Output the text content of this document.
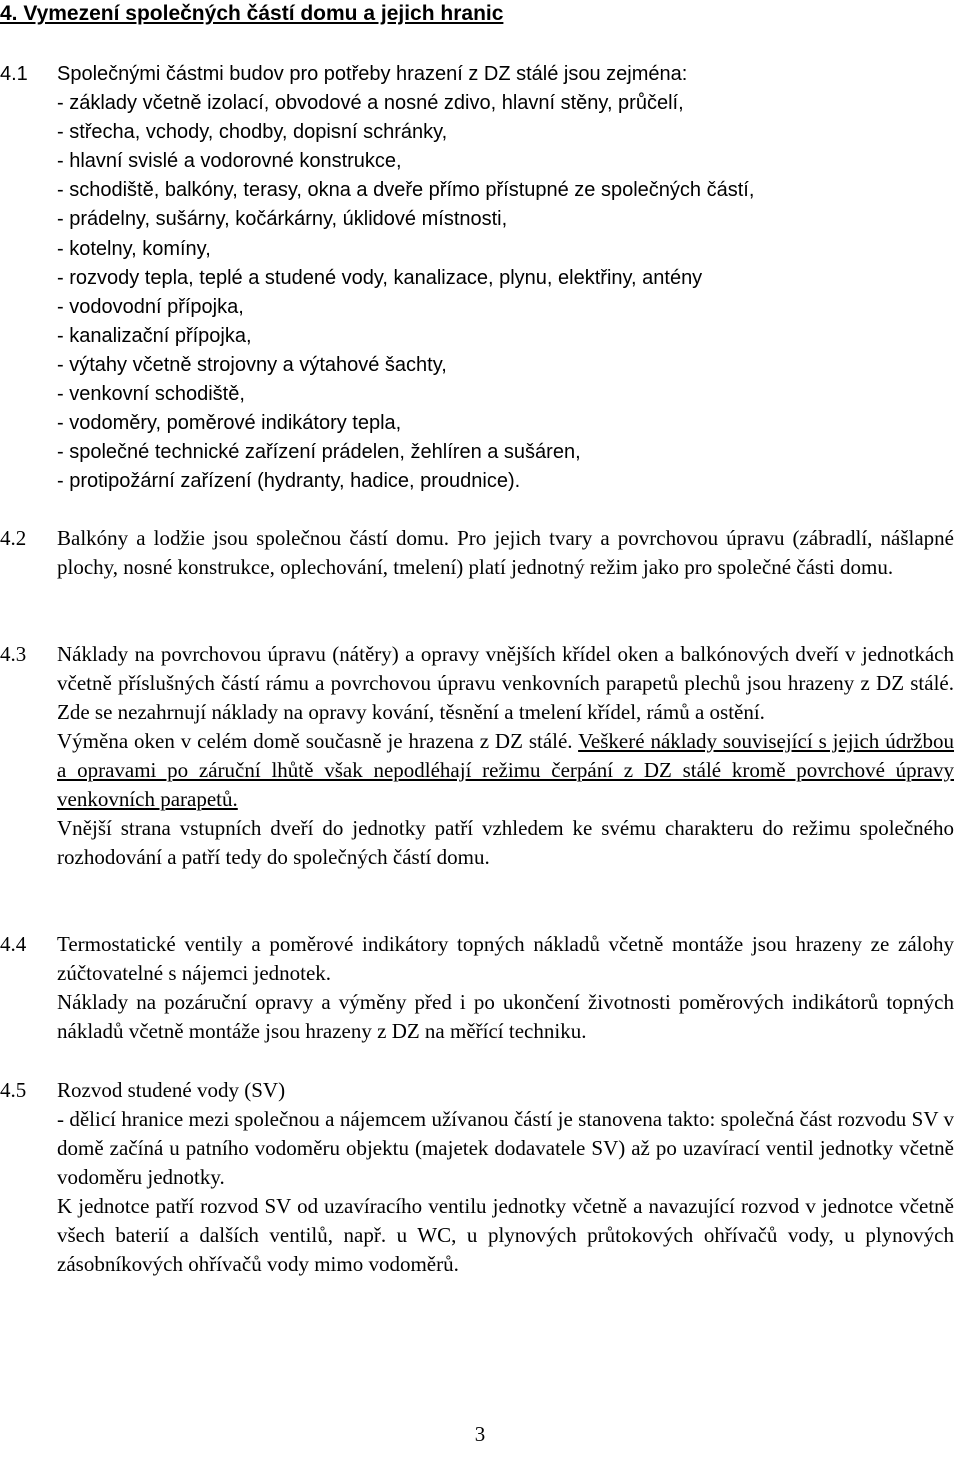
4. Vymezení společných částí domu a jejich hranic
4.1 Společnými částmi budov pro potřeby hrazení z DZ stálé jsou zejména:
- základy včetně izolací, obvodové a nosné zdivo, hlavní stěny, průčelí,
- střecha, vchody, chodby, dopisní schránky,
- hlavní svislé a vodorovné konstrukce,
- schodiště, balkóny, terasy, okna a dveře přímo přístupné ze společných částí,
- prádelny, sušárny, kočárkárny, úklidové místnosti,
- kotelny, komíny,
- rozvody tepla, teplé a studené vody, kanalizace, plynu, elektřiny, antény
- vodovodní přípojka,
- kanalizační přípojka,
- výtahy včetně strojovny a výtahové šachty,
- venkovní schodiště,
- vodoměry, poměrové indikátory tepla,
- společné technické zařízení prádelen, žehlíren a sušáren,
- protipožární zařízení (hydranty, hadice, proudnice).
4.2 Balkóny a lodžie jsou společnou částí domu. Pro jejich tvary a povrchovou úpravu (zábradlí, nášlapné plochy, nosné konstrukce, oplechování, tmelení) platí jednotný režim jako pro společné části domu.

4.3 Náklady na povrchovou úpravu (nátěry) a opravy vnějších křídel oken a balkónových dveří v jednotkách včetně příslušných částí rámu a povrchovou úpravu venkovních parapetů plechů jsou hrazeny z DZ stálé. Zde se nezahrnují náklady na opravy kování, těsnění a tmelení křídel, rámů a ostění.

Výměna oken v celém domě současně je hrazena z DZ stálé. Veškeré náklady související s jejich údržbou a opravami po záruční lhůtě však nepodléhají režimu čerpání z DZ stálé kromě povrchové úpravy venkovních parapetů.

Vnější strana vstupních dveří do jednotky patří vzhledem ke svému charakteru do režimu společného rozhodování a patří tedy do společných částí domu.

4.4 Termostatické ventily a poměrové indikátory topných nákladů včetně montáže jsou hrazeny ze zálohy zúčtovatelné s nájemci jednotek.

Náklady na pozáruční opravy a výměny před i po ukončení životnosti poměrových indikátorů topných nákladů včetně montáže jsou hrazeny z DZ na měřící techniku.

4.5 Rozvod studené vody (SV)

- dělicí hranice mezi společnou a nájemcem užívanou částí je stanovena takto: společná část rozvodu SV v domě začíná u patního vodoměru objektu (majetek dodavatele SV) až po uzavírací ventil jednotky včetně vodoměru jednotky.

K jednotce patří rozvod SV od uzavíracího ventilu jednotky včetně a navazující rozvod v jednotce včetně všech baterií a dalších ventilů, např. u WC, u plynových průtokových ohřívačů vody, u plynových zásobníkových ohřívačů vody mimo vodoměrů.

3
